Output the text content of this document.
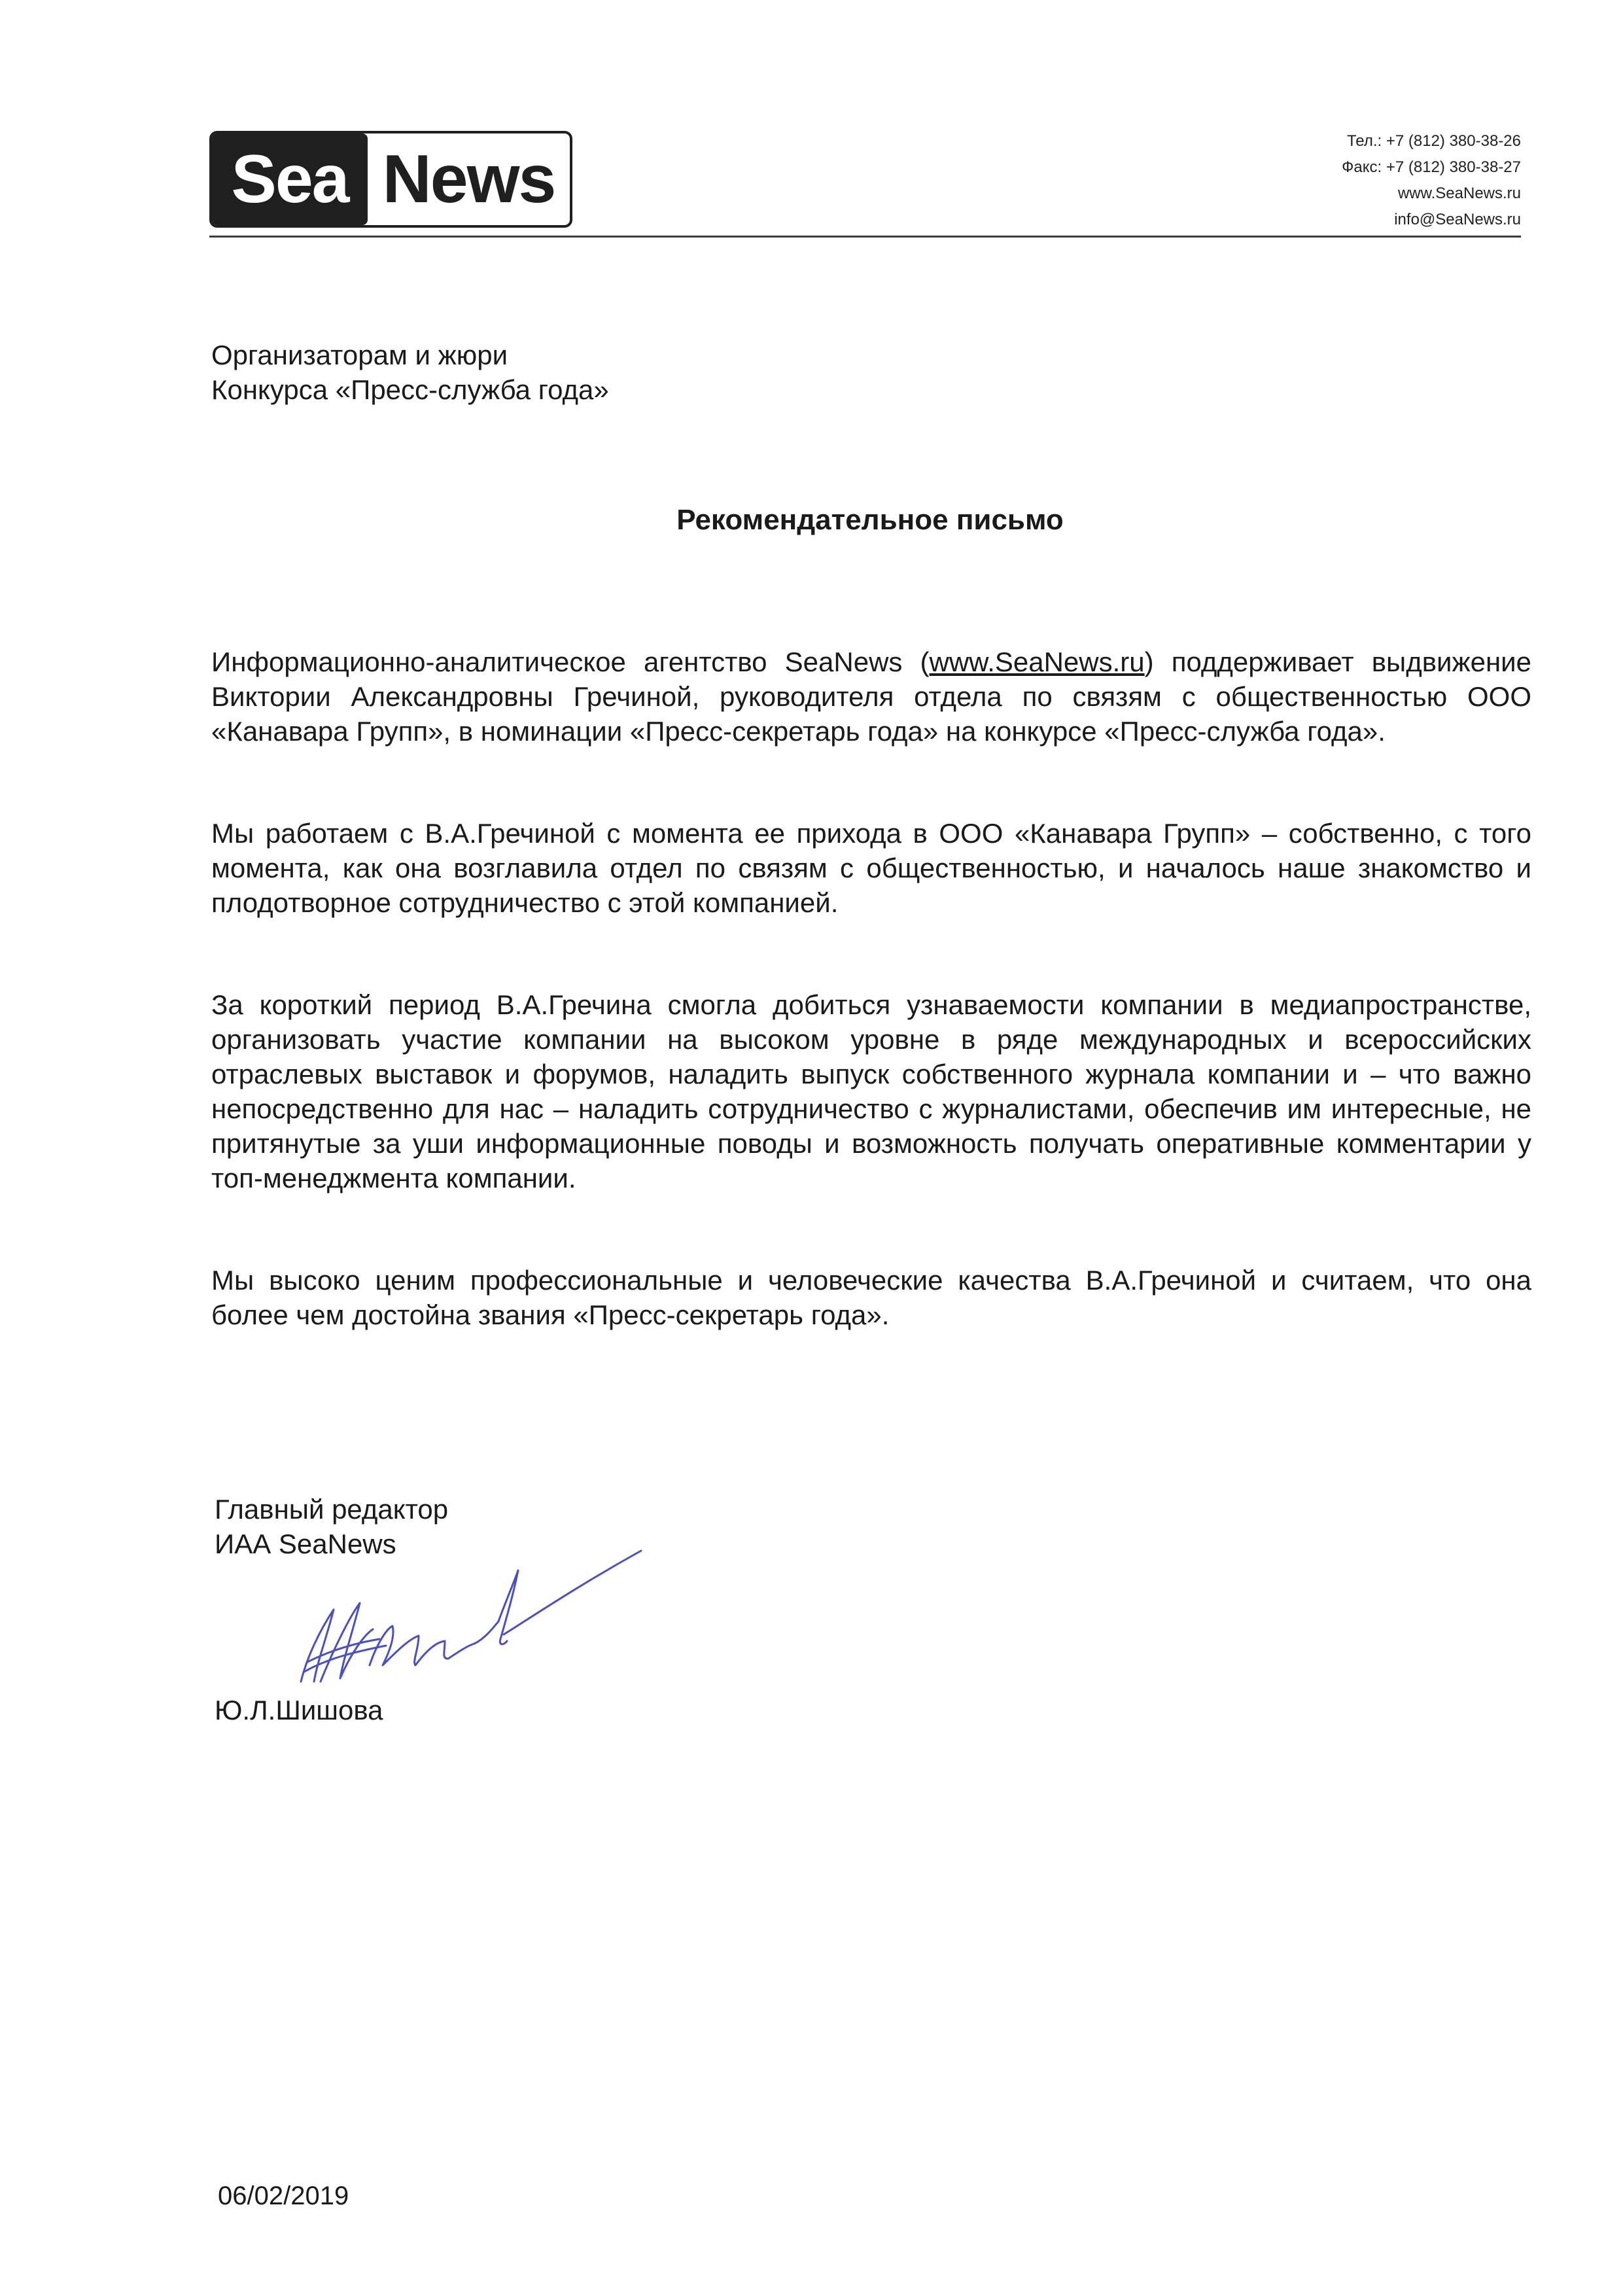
Sea News	Тел.: +7 (812) 380-38-26
Факс: +7 (812) 380-38-27
www.SeaNews.ru
info@SeaNews.ru
Организаторам и жюри
Конкурса «Пресс-служба года»
Рекомендательное письмо

Информационно-аналитическое агентство SeaNews (www.SeaNews.ru) поддерживает выдвижение Виктории Александровны Гречиной, руководителя отдела по связям с общественностью ООО «Канавара Групп», в номинации «Пресс-секретарь года» на конкурсе «Пресс-служба года».

Мы работаем с В.А.Гречиной с момента ее прихода в ООО «Канавара Групп» – собственно, с того момента, как она возглавила отдел по связям с общественностью, и началось наше знакомство и плодотворное сотрудничество с этой компанией.

За короткий период В.А.Гречина смогла добиться узнаваемости компании в медиапространстве, организовать участие компании на высоком уровне в ряде международных и всероссийских отраслевых выставок и форумов, наладить выпуск собственного журнала компании и – что важно непосредственно для нас – наладить сотрудничество с журналистами, обеспечив им интересные, не притянутые за уши информационные поводы и возможность получать оперативные комментарии у топ-менеджмента компании.

Мы высоко ценим профессиональные и человеческие качества В.А.Гречиной и считаем, что она более чем достойна звания «Пресс-секретарь года».

Главный редактор
ИАА SeaNews
Ю.Л.Шишова
06/02/2019
